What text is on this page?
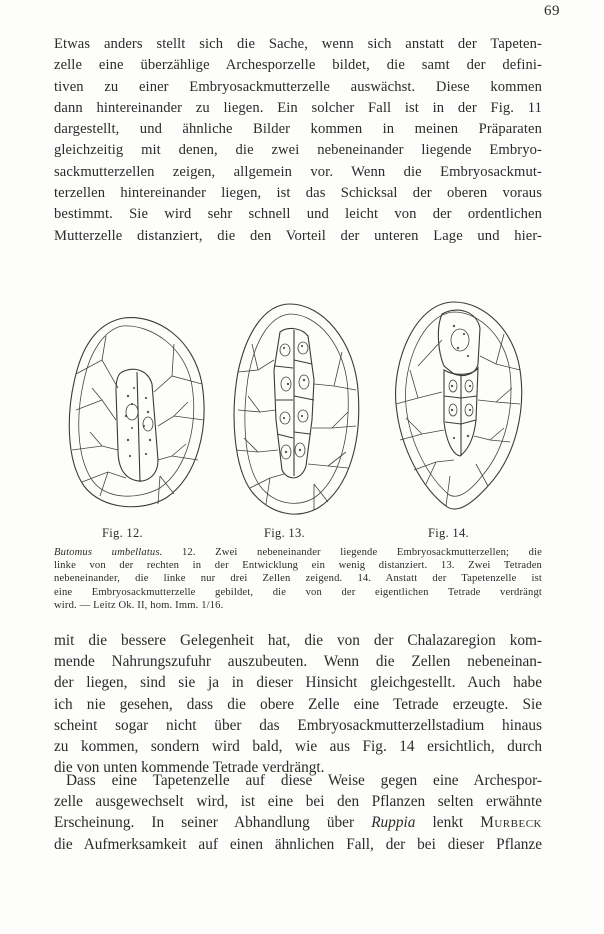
69
Etwas anders stellt sich die Sache, wenn sich anstatt der Tapeten-
zelle eine überzählige Archesporzelle bildet, die samt der defini-
tiven zu einer Embryosackmutterzelle auswächst. Diese kommen
dann hintereinander zu liegen. Ein solcher Fall ist in der Fig. 11
dargestellt, und ähnliche Bilder kommen in meinen Präparaten
gleichzeitig mit denen, die zwei nebeneinander liegende Embryo-
sackmutterzellen zeigen, allgemein vor. Wenn die Embryosackmut-
terzellen hintereinander liegen, ist das Schicksal der oberen voraus
bestimmt. Sie wird sehr schnell und leicht von der ordentlichen
Mutterzelle distanziert, die den Vorteil der unteren Lage und hier-
Fig. 12.	Fig. 13.	Fig. 14.
Butomus umbellatus. 12. Zwei nebeneinander liegende Embryosackmutterzellen; die
linke von der rechten in der Entwicklung ein wenig distanziert. 13. Zwei Tetraden
nebeneinander, die linke nur drei Zellen zeigend. 14. Anstatt der Tapetenzelle ist
eine Embryosackmutterzelle gebildet, die von der eigentlichen Tetrade verdrängt
wird. — Leitz Ok. II, hom. Imm. 1/16.
mit die bessere Gelegenheit hat, die von der Chalazaregion kom-
mende Nahrungszufuhr auszubeuten. Wenn die Zellen nebeneinan-
der liegen, sind sie ja in dieser Hinsicht gleichgestellt. Auch habe
ich nie gesehen, dass die obere Zelle eine Tetrade erzeugte. Sie
scheint sogar nicht über das Embryosackmutterzellstadium hinaus
zu kommen, sondern wird bald, wie aus Fig. 14 ersichtlich, durch
die von unten kommende Tetrade verdrängt.
Dass eine Tapetenzelle auf diese Weise gegen eine Archespor-
zelle ausgewechselt wird, ist eine bei den Pflanzen selten erwähnte
Erscheinung. In seiner Abhandlung über Ruppia lenkt Murbeck
die Aufmerksamkeit auf einen ähnlichen Fall, der bei dieser Pflanze
